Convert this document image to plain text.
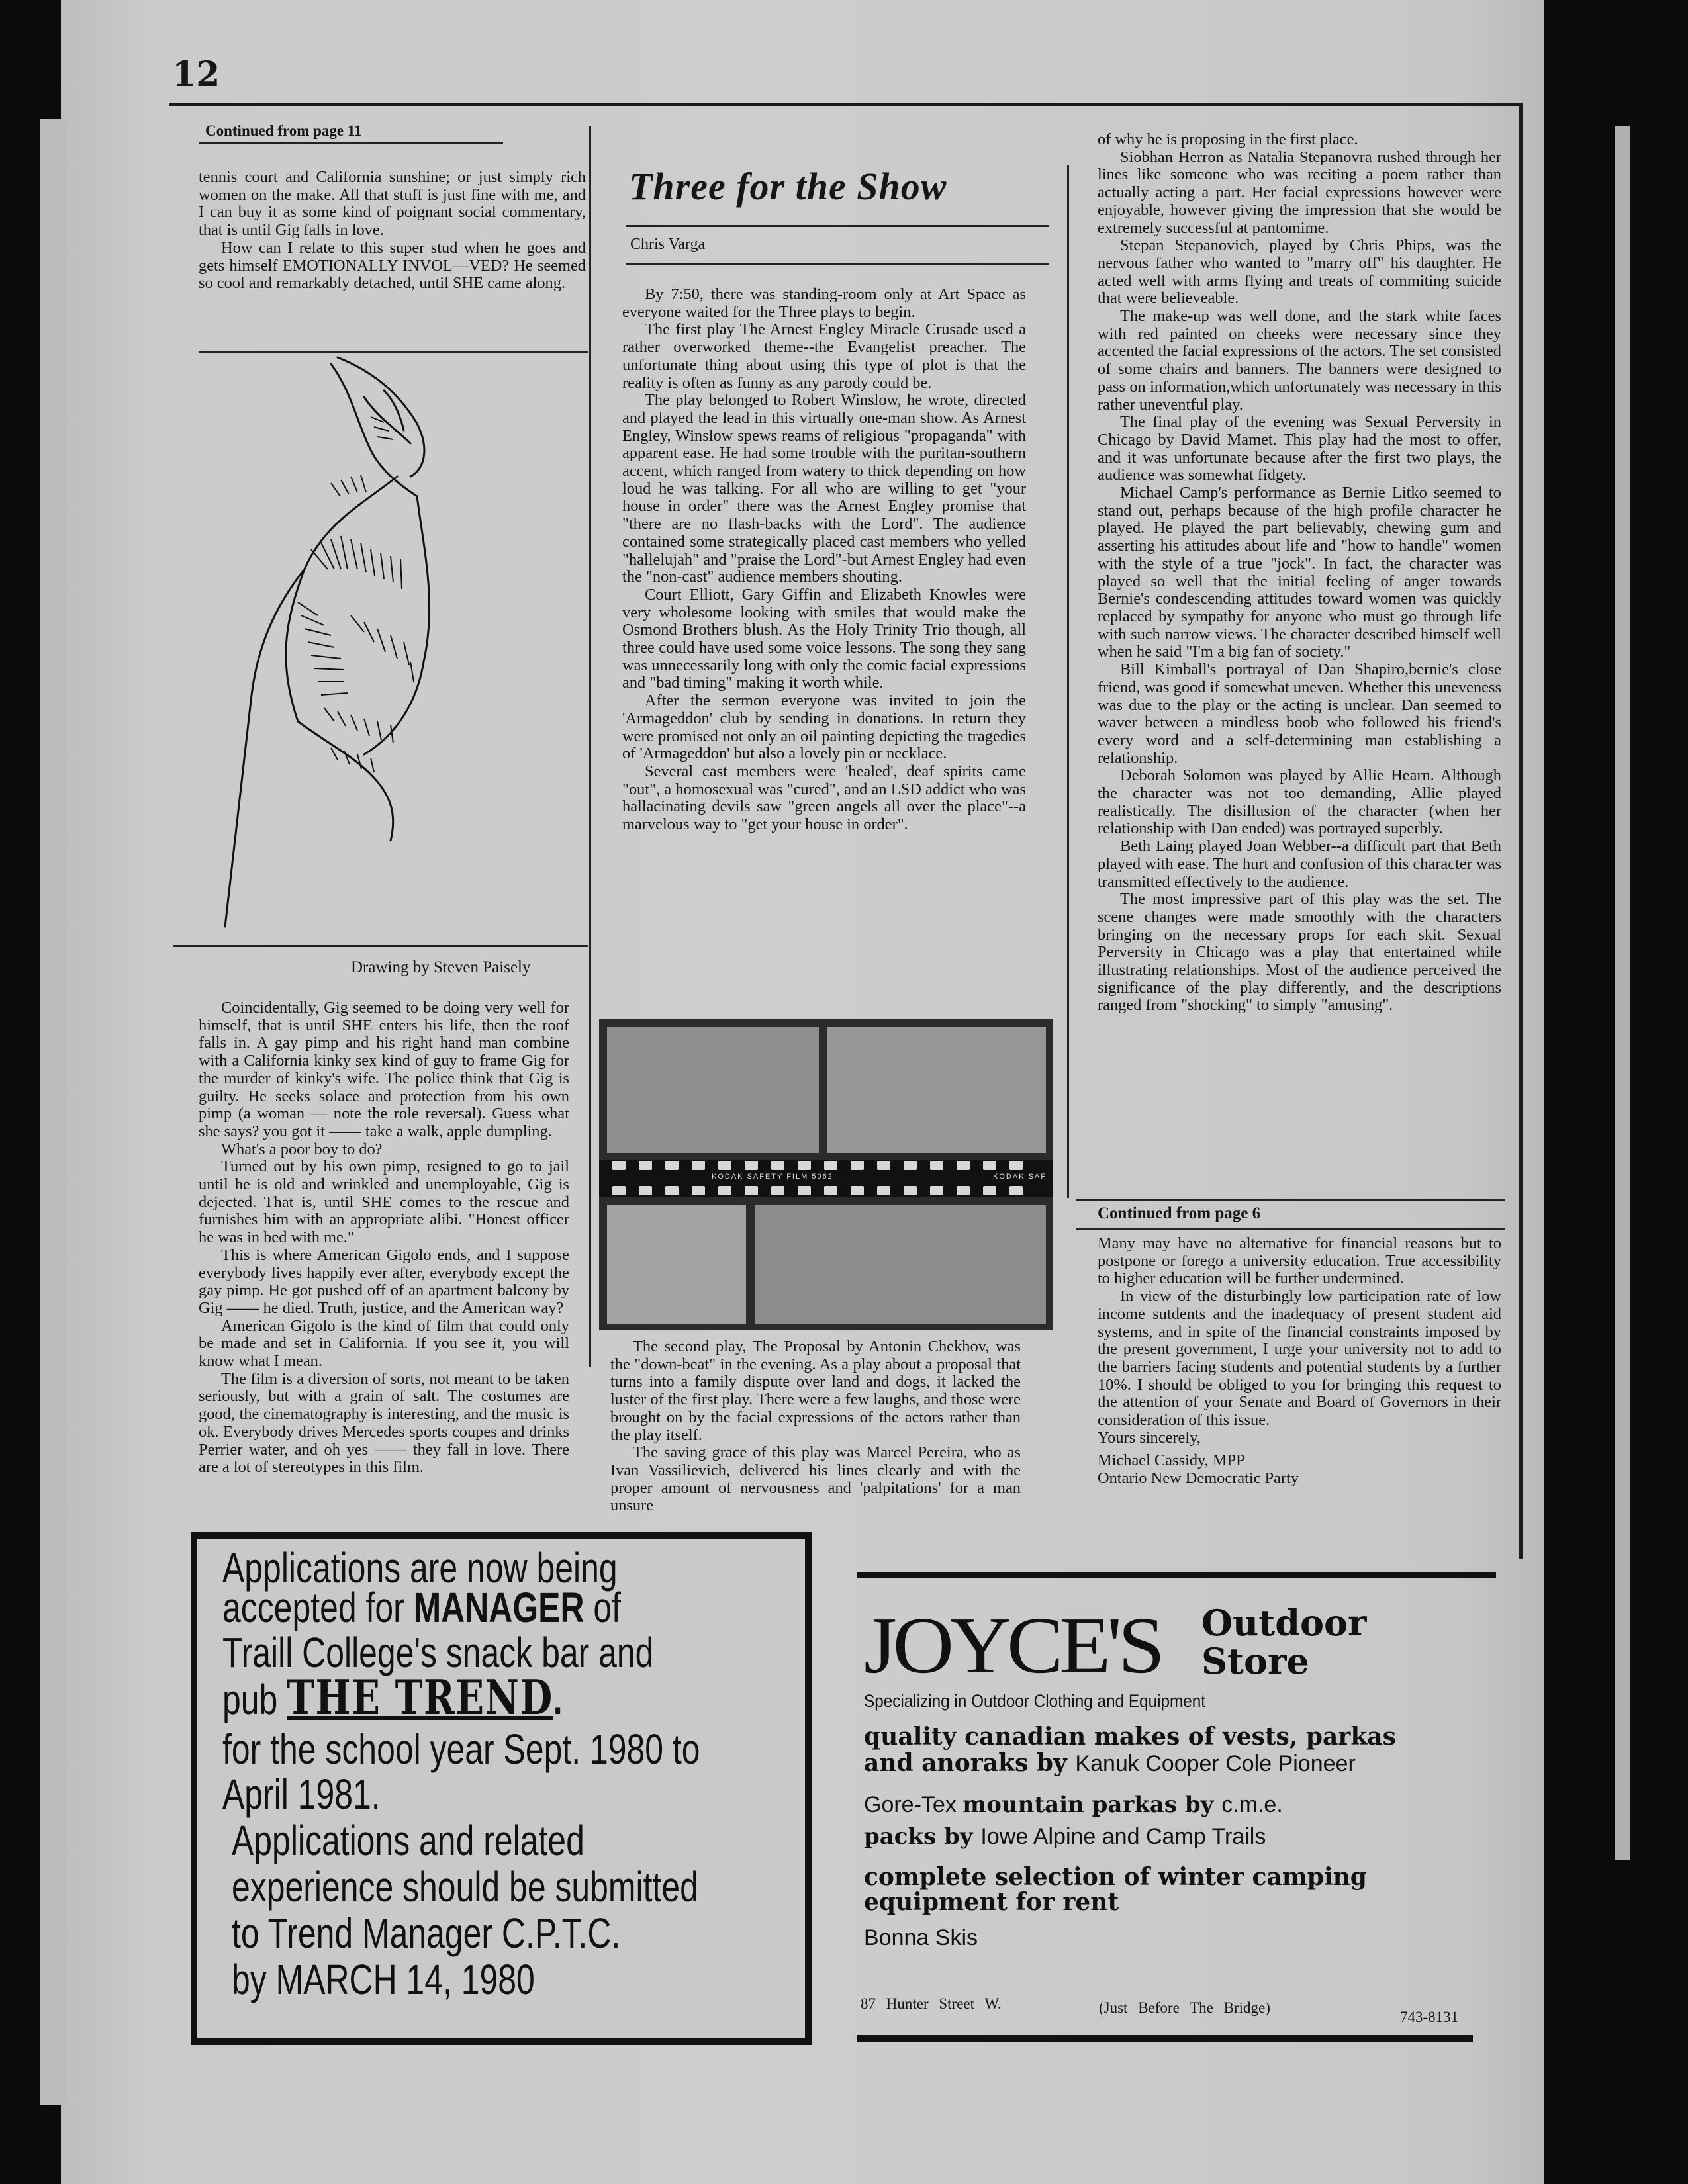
12
Continued from page 11

tennis court and California sunshine; or just simply rich women on the make. All that stuff is just fine with me, and I can buy it as some kind of poignant social commentary, that is until Gig falls in love.

How can I relate to this super stud when he goes and gets himself EMOTIONALLY INVOL—VED? He seemed so cool and remarkably detached, until SHE came along.

Drawing by Steven Paisely

Coincidentally, Gig seemed to be doing very well for himself, that is until SHE enters his life, then the roof falls in. A gay pimp and his right hand man combine with a California kinky sex kind of guy to frame Gig for the murder of kinky's wife. The police think that Gig is guilty. He seeks solace and protection from his own pimp (a woman — note the role reversal). Guess what she says? you got it —— take a walk, apple dumpling.

What's a poor boy to do?

Turned out by his own pimp, resigned to go to jail until he is old and wrinkled and unemployable, Gig is dejected. That is, until SHE comes to the rescue and furnishes him with an appropriate alibi. "Honest officer he was in bed with me."

This is where American Gigolo ends, and I suppose everybody lives happily ever after, everybody except the gay pimp. He got pushed off of an apartment balcony by Gig —— he died. Truth, justice, and the American way?

American Gigolo is the kind of film that could only be made and set in California. If you see it, you will know what I mean.

The film is a diversion of sorts, not meant to be taken seriously, but with a grain of salt. The costumes are good, the cinematography is interesting, and the music is ok. Everybody drives Mercedes sports coupes and drinks Perrier water, and oh yes —— they fall in love. There are a lot of stereotypes in this film.

Three for the Show
Chris Varga

By 7:50, there was standing-room only at Art Space as everyone waited for the Three plays to begin.

The first play The Arnest Engley Miracle Crusade used a rather overworked theme--the Evangelist preacher. The unfortunate thing about using this type of plot is that the reality is often as funny as any parody could be.

The play belonged to Robert Winslow, he wrote, directed and played the lead in this virtually one-man show. As Arnest Engley, Winslow spews reams of religious "propaganda" with apparent ease. He had some trouble with the puritan-southern accent, which ranged from watery to thick depending on how loud he was talking. For all who are willing to get "your house in order" there was the Arnest Engley promise that "there are no flash-backs with the Lord". The audience contained some strategically placed cast members who yelled "hallelujah" and "praise the Lord"-but Arnest Engley had even the "non-cast" audience members shouting.

Court Elliott, Gary Giffin and Elizabeth Knowles were very wholesome looking with smiles that would make the Osmond Brothers blush. As the Holy Trinity Trio though, all three could have used some voice lessons. The song they sang was unnecessarily long with only the comic facial expressions and "bad timing" making it worth while.

After the sermon everyone was invited to join the 'Armageddon' club by sending in donations. In return they were promised not only an oil painting depicting the tragedies of 'Armageddon' but also a lovely pin or necklace.

Several cast members were 'healed', deaf spirits came "out", a homosexual was "cured", and an LSD addict who was hallacinating devils saw "green angels all over the place"--a marvelous way to "get your house in order".

KODAK SAFETY FILM 5062	KODAK SAF

The second play, The Proposal by Antonin Chekhov, was the "down-beat" in the evening. As a play about a proposal that turns into a family dispute over land and dogs, it lacked the luster of the first play. There were a few laughs, and those were brought on by the facial expressions of the actors rather than the play itself.

The saving grace of this play was Marcel Pereira, who as Ivan Vassilievich, delivered his lines clearly and with the proper amount of nervousness and 'palpitations' for a man unsure

of why he is proposing in the first place.

Siobhan Herron as Natalia Stepanovra rushed through her lines like someone who was reciting a poem rather than actually acting a part. Her facial expressions however were enjoyable, however giving the impression that she would be extremely successful at pantomime.

Stepan Stepanovich, played by Chris Phips, was the nervous father who wanted to "marry off" his daughter. He acted well with arms flying and treats of commiting suicide that were believeable.

The make-up was well done, and the stark white faces with red painted on cheeks were necessary since they accented the facial expressions of the actors. The set consisted of some chairs and banners. The banners were designed to pass on information,which unfortunately was necessary in this rather uneventful play.

The final play of the evening was Sexual Perversity in Chicago by David Mamet. This play had the most to offer, and it was unfortunate because after the first two plays, the audience was somewhat fidgety.

Michael Camp's performance as Bernie Litko seemed to stand out, perhaps because of the high profile character he played. He played the part believably, chewing gum and asserting his attitudes about life and "how to handle" women with the style of a true "jock". In fact, the character was played so well that the initial feeling of anger towards Bernie's condescending attitudes toward women was quickly replaced by sympathy for anyone who must go through life with such narrow views. The character described himself well when he said "I'm a big fan of society."

Bill Kimball's portrayal of Dan Shapiro,bernie's close friend, was good if somewhat uneven. Whether this uneveness was due to the play or the acting is unclear. Dan seemed to waver between a mindless boob who followed his friend's every word and a self-determining man establishing a relationship.

Deborah Solomon was played by Allie Hearn. Although the character was not too demanding, Allie played realistically. The disillusion of the character (when her relationship with Dan ended) was portrayed superbly.

Beth Laing played Joan Webber--a difficult part that Beth played with ease. The hurt and confusion of this character was transmitted effectively to the audience.

The most impressive part of this play was the set. The scene changes were made smoothly with the characters bringing on the necessary props for each skit. Sexual Perversity in Chicago was a play that entertained while illustrating relationships. Most of the audience perceived the significance of the play differently, and the descriptions ranged from "shocking" to simply "amusing".

Continued from page 6

Many may have no alternative for financial reasons but to postpone or forego a university education. True accessibility to higher education will be further undermined.

In view of the disturbingly low participation rate of low income sutdents and the inadequacy of present student aid systems, and in spite of the financial constraints imposed by the present government, I urge your university not to add to the barriers facing students and potential students by a further 10%. I should be obliged to you for bringing this request to the attention of your Senate and Board of Governors in their consideration of this issue.

Yours sincerely,

Michael Cassidy, MPP

Ontario New Democratic Party

Applications are now being
accepted for MANAGER of
Traill College's snack bar and
pub THE TREND.
for the school year Sept. 1980 to
April 1981.
Applications and related
experience should be submitted
to Trend Manager C.P.T.C.
by MARCH 14, 1980
JOYCE'S Outdoor
Store
Specializing in Outdoor Clothing and Equipment
quality canadian makes of vests, parkas
and anoraks by Kanuk Cooper Cole Pioneer
Gore-Tex mountain parkas by c.m.e.
packs by Iowe Alpine and Camp Trails
complete selection of winter camping
equipment for rent
Bonna Skis
87 Hunter Street W.	(Just Before The Bridge)
743-8131
